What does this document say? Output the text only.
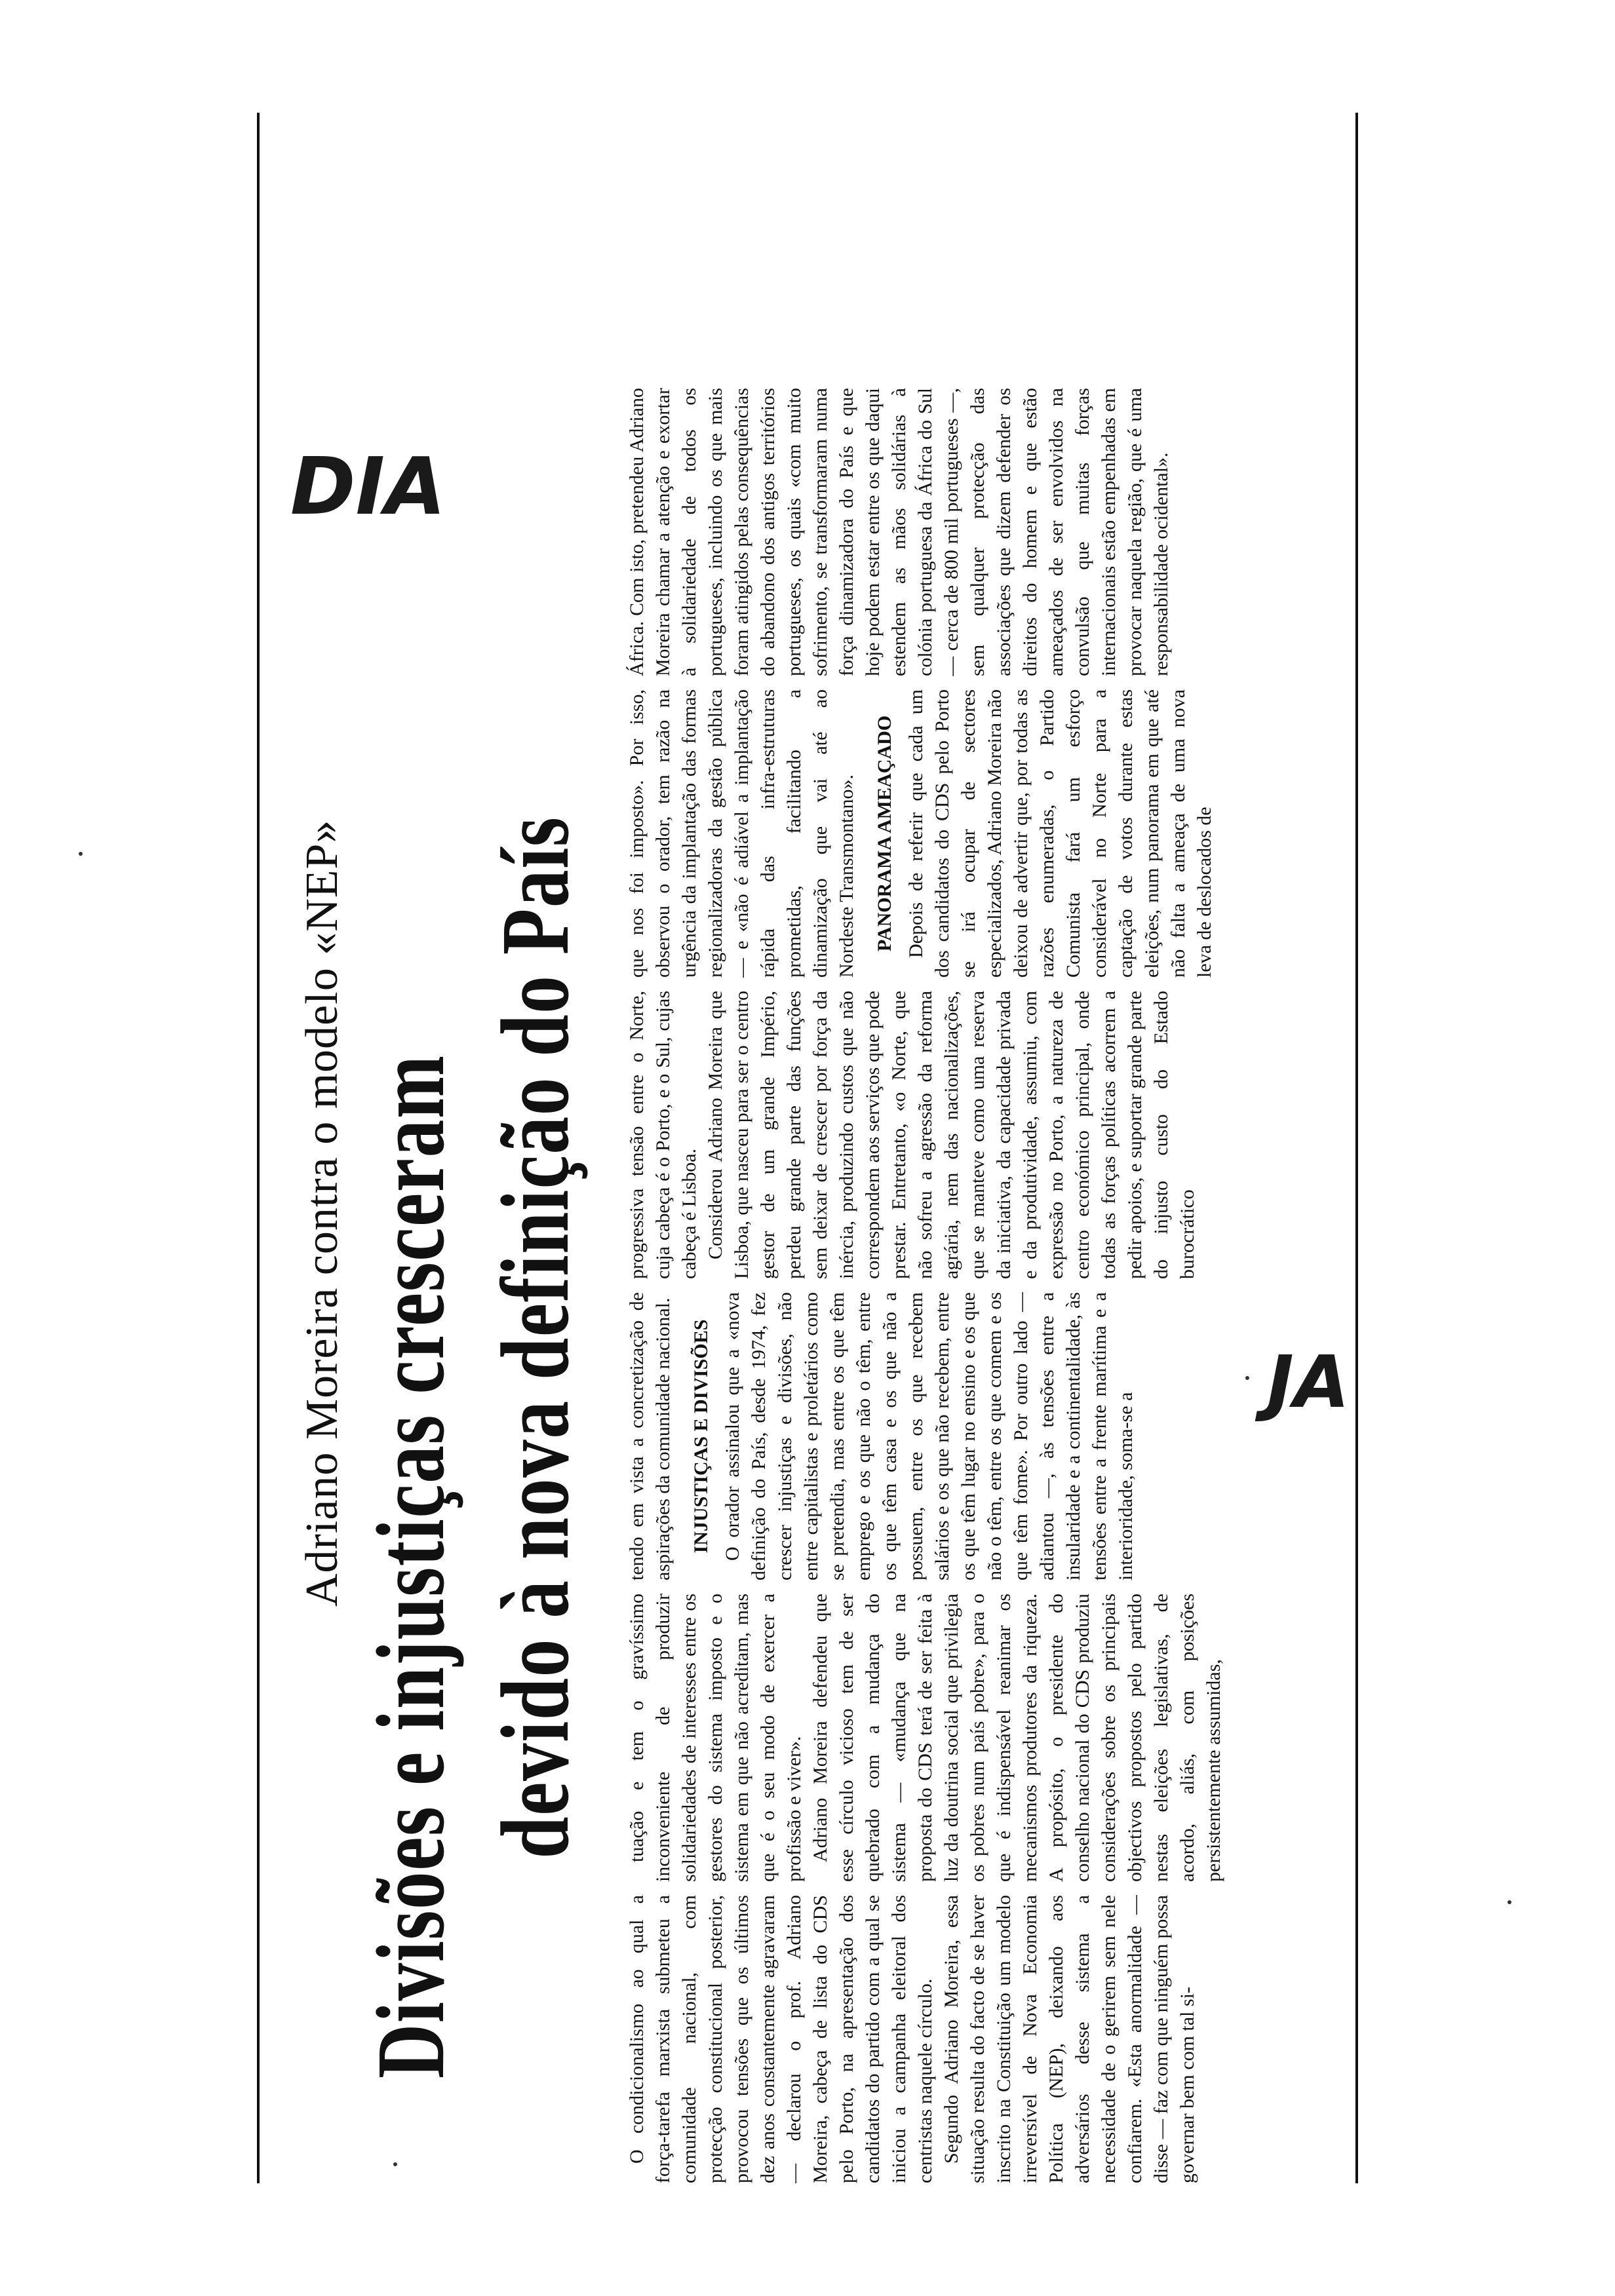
Adriano Moreira contra o modelo «NEP»
DIA
Divisões e injustiças cresceram devido à nova definição do País

O condicionalismo ao qual a força-tarefa marxista submeteu a comunidade nacional, com protecção constitucional posterior, provocou tensões que os últimos dez anos constantemente agravaram — declarou o prof. Adriano Moreira, cabeça de lista do CDS pelo Porto, na apresentação dos candidatos do partido com a qual se iniciou a campanha eleitoral dos centristas naquele círculo. Segundo Adriano Moreira, essa situação resulta do facto de se haver inscrito na Constituição um modelo irreversível de Nova Economia Política (NEP), deixando aos adversários desse sistema a necessidade de o gerirem sem nele confiarem. «Esta anormalidade — disse — faz com que ninguém possa governar bem com tal si-

tuação e tem o gravíssimo inconveniente de produzir solidariedades de interesses entre os gestores do sistema imposto e o sistema em que não acreditam, mas que é o seu modo de exercer a profissão e viver». Adriano Moreira defendeu que esse círculo vicioso tem de ser quebrado com a mudança do sistema — «mudança que na proposta do CDS terá de ser feita à luz da doutrina social que privilegia os pobres num país pobre», para o que é indispensável reanimar os mecanismos produtores da riqueza. A propósito, o presidente do conselho nacional do CDS produziu considerações sobre os principais objectivos propostos pelo partido nestas eleições legislativas, de acordo, aliás, com posições persistentemente assumidas,

tendo em vista a concretização de aspirações da comunidade nacional. INJUSTIÇAS E DIVISÕES O orador assinalou que a «nova definição do País, desde 1974, fez crescer injustiças e divisões, não entre capitalistas e proletários como se pretendia, mas entre os que têm emprego e os que não o têm, entre os que têm casa e os que não a possuem, entre os que recebem salários e os que não recebem, entre os que têm lugar no ensino e os que não o têm, entre os que comem e os que têm fome». Por outro lado — adiantou —, às tensões entre a insularidade e a continentalidade, às tensões entre a frente marítima e a interioridade, soma-se a

progressiva tensão entre o Norte, cuja cabeça é o Porto, e o Sul, cujas cabeça é Lisboa. Considerou Adriano Moreira que Lisboa, que nasceu para ser o centro gestor de um grande Império, perdeu grande parte das funções sem deixar de crescer por força da inércia, produzindo custos que não correspondem aos serviços que pode prestar. Entretanto, «o Norte, que não sofreu a agressão da reforma agrária, nem das nacionalizações, que se manteve como uma reserva da iniciativa, da capacidade privada e da produtividade, assumiu, com expressão no Porto, a natureza de centro económico principal, onde todas as forças políticas acorrem a pedir apoios, e suportar grande parte do injusto custo do Estado burocrático

que nos foi imposto». Por isso, observou o orador, tem razão na urgência da implantação das formas regionalizadoras da gestão pública — e «não é adiável a implantação rápida das infra-estruturas prometidas, facilitando a dinamização que vai até ao Nordeste Transmontano». PANORAMA AMEAÇADO Depois de referir que cada um dos candidatos do CDS pelo Porto se irá ocupar de sectores especializados, Adriano Moreira não deixou de advertir que, por todas as razões enumeradas, o Partido Comunista fará um esforço considerável no Norte para a captação de votos durante estas eleições, num panorama em que até não falta a ameaça de uma nova leva de deslocados de

África. Com isto, pretendeu Adriano Moreira chamar a atenção e exortar à solidariedade de todos os portugueses, incluindo os que mais foram atingidos pelas consequências do abandono dos antigos territórios portugueses, os quais «com muito sofrimento, se transformaram numa força dinamizadora do País e que hoje podem estar entre os que daqui estendem as mãos solidárias à colónia portuguesa da África do Sul — cerca de 800 mil portugueses —, sem qualquer protecção das associações que dizem defender os direitos do homem e que estão ameaçados de ser envolvidos na convulsão que muitas forças internacionais estão empenhadas em provocar naquela região, que é uma responsabilidade ocidental».

JA
